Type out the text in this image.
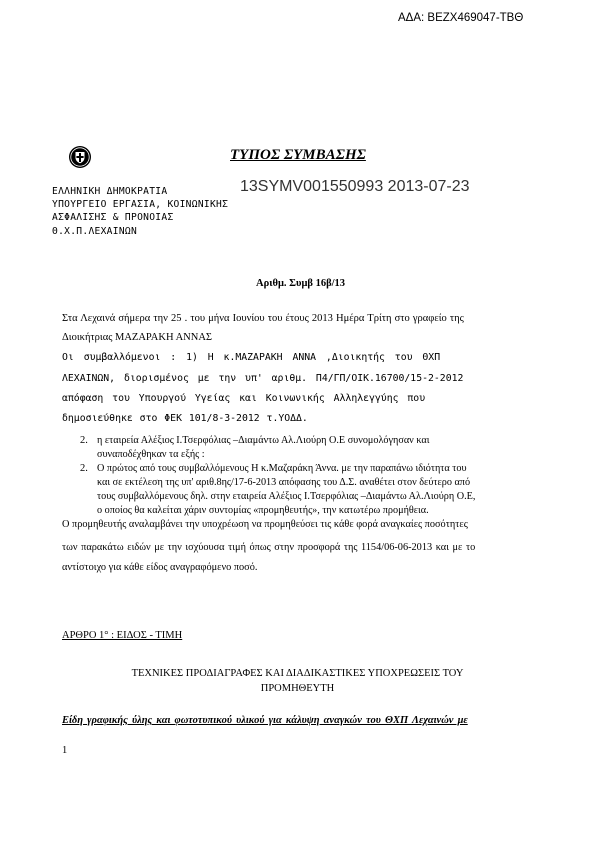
ΑΔΑ: ΒΕΖΧ469047-ΤΒΘ
ΤΥΠΟΣ ΣΥΜΒΑΣΗΣ
13SYMV001550993 2013-07-23
ΕΛΛΗΝΙΚΗ ΔΗΜΟΚΡΑΤΙΑ
ΥΠΟΥΡΓΕΙΟ ΕΡΓΑΣΙΑ, ΚΟΙΝΩΝΙΚΗΣ
ΑΣΦΑΛΙΣΗΣ & ΠΡΟΝΟΙΑΣ
Θ.Χ.Π.ΛΕΧΑΙΝΩΝ
Αριθμ. Συμβ 16β/13
Στα Λεχαινά σήμερα την 25 . του μήνα Ιουνίου του έτους 2013 Ημέρα Τρίτη στο γραφείο της
Διοικήτριας ΜΑΖΑΡΑΚΗ ΑΝΝΑΣ
Οι συμβαλλόμενοι : 1) Η κ.ΜΑΖΑΡΑΚΗ ΑΝΝΑ ,Διοικητής του ΘΧΠ
ΛΕΧΑΙΝΩΝ, διορισμένος με την υπ' αριθμ. Π4/ΓΠ/ΟΙΚ.16700/15-2-2012
απόφαση του Υπουργού Υγείας και Κοινωνικής Αλληλεγγύης που
δημοσιεύθηκε στο ΦΕΚ 101/8-3-2012 τ.ΥΟΔΔ.
2. η εταιρεία Αλέξιος Ι.Τσερφόλιας –Διαμάντω Αλ.Λιούρη Ο.Ε συνομολόγησαν και
συναποδέχθηκαν τα εξής :
2. Ο πρώτος από τους συμβαλλόμενους Η κ.Μαζαράκη Άννα. με την παραπάνω ιδιότητα του
και σε εκτέλεση της υπ' αριθ.8ης/17-6-2013 απόφασης του Δ.Σ. αναθέτει στον δεύτερο από
τους συμβαλλόμενους δηλ. στην εταιρεία Αλέξιος Ι.Τσερφόλιας –Διαμάντω Αλ.Λιούρη Ο.Ε,
ο οποίος θα καλείται χάριν συντομίας «προμηθευτής», την κατωτέρω προμήθεια.
Ο προμηθευτής αναλαμβάνει την υποχρέωση να προμηθεύσει τις κάθε φορά αναγκαίες ποσότητες
των παρακάτω ειδών με την ισχύουσα τιμή όπως στην προσφορά της 1154/06-06-2013 και με το
αντίστοιχο για κάθε είδος αναγραφόμενο ποσό.
ΑΡΘΡΟ 1° : ΕΙΔΟΣ - ΤΙΜΗ
ΤΕΧΝΙΚΕΣ ΠΡΟΔΙΑΓΡΑΦΕΣ ΚΑΙ ΔΙΑΔΙΚΑΣΤΙΚΕΣ ΥΠΟΧΡΕΩΣΕΙΣ ΤΟΥ
ΠΡΟΜΗΘΕΥΤΗ
Είδη γραφικής ύλης και φωτοτυπικού υλικού για κάλυψη αναγκών του ΘΧΠ Λεχαινών με
1
